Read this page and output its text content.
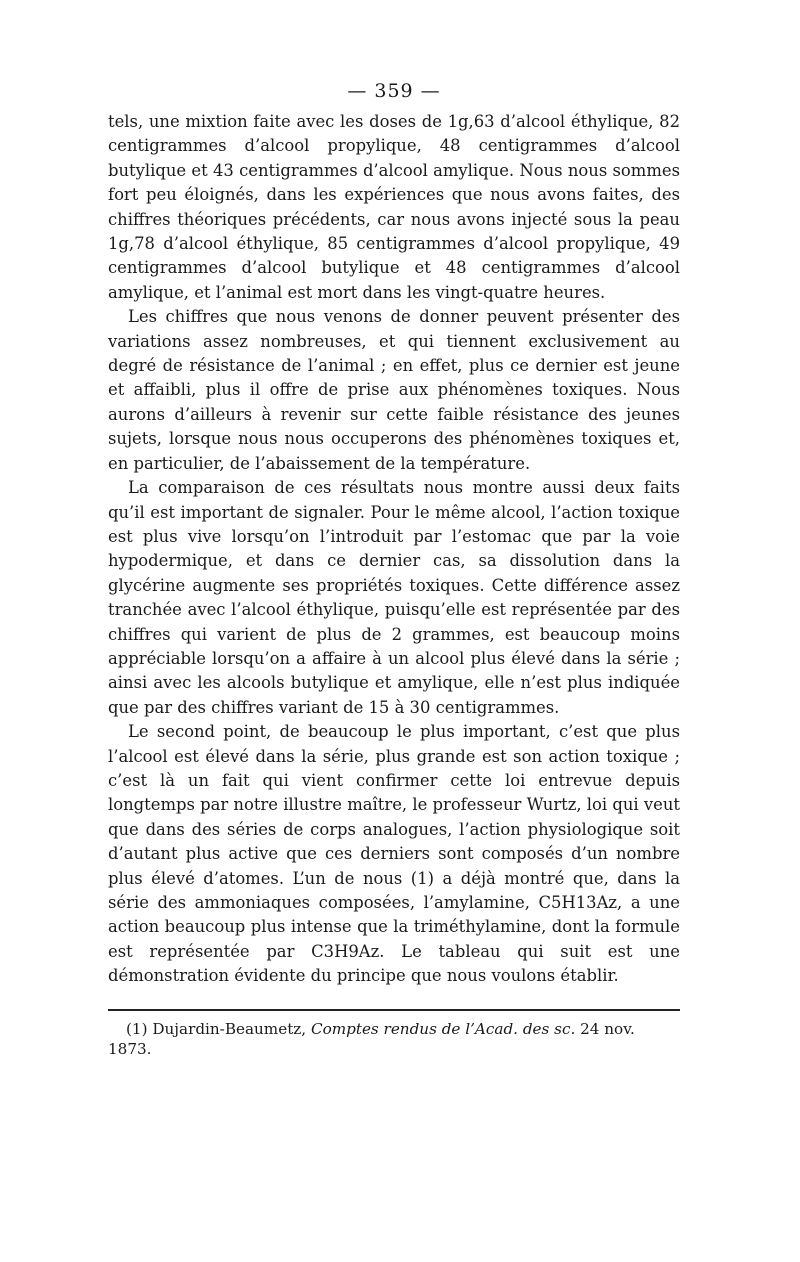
— 359 —

tels, une mixtion faite avec les doses de 1g,63 d’alcool éthylique, 82 centigrammes d’alcool propylique, 48 centigrammes d’alcool butylique et 43 centigrammes d’alcool amylique. Nous nous sommes fort peu éloignés, dans les expériences que nous avons faites, des chiffres théoriques précédents, car nous avons injecté sous la peau 1g,78 d’alcool éthylique, 85 centigrammes d’alcool propylique, 49 centigrammes d’alcool butylique et 48 centigrammes d’alcool amylique, et l’animal est mort dans les vingt-quatre heures.

Les chiffres que nous venons de donner peuvent présenter des variations assez nombreuses, et qui tiennent exclusivement au degré de résistance de l’animal ; en effet, plus ce dernier est jeune et affaibli, plus il offre de prise aux phénomènes toxiques. Nous aurons d’ailleurs à revenir sur cette faible résistance des jeunes sujets, lorsque nous nous occuperons des phénomènes toxiques et, en particulier, de l’abaissement de la température.

La comparaison de ces résultats nous montre aussi deux faits qu’il est important de signaler. Pour le même alcool, l’action toxique est plus vive lorsqu’on l’introduit par l’estomac que par la voie hypodermique, et dans ce dernier cas, sa dissolution dans la glycérine augmente ses propriétés toxiques. Cette différence assez tranchée avec l’alcool éthylique, puisqu’elle est représentée par des chiffres qui varient de plus de 2 grammes, est beaucoup moins appréciable lorsqu’on a affaire à un alcool plus élevé dans la série ; ainsi avec les alcools butylique et amylique, elle n’est plus indiquée que par des chiffres variant de 15 à 30 centigrammes.

Le second point, de beaucoup le plus important, c’est que plus l’alcool est élevé dans la série, plus grande est son action toxique ; c’est là un fait qui vient confirmer cette loi entrevue depuis longtemps par notre illustre maître, le professeur Wurtz, loi qui veut que dans des séries de corps analogues, l’action physiologique soit d’autant plus active que ces derniers sont composés d’un nombre plus élevé d’atomes. L’un de nous (1) a déjà montré que, dans la série des ammoniaques composées, l’amylamine, C5H13Az, a une action beaucoup plus intense que la triméthylamine, dont la formule est représentée par C3H9Az. Le tableau qui suit est une démonstration évidente du principe que nous voulons établir.

(1) Dujardin-Beaumetz, Comptes rendus de l’Acad. des sc. 24 nov. 1873.
